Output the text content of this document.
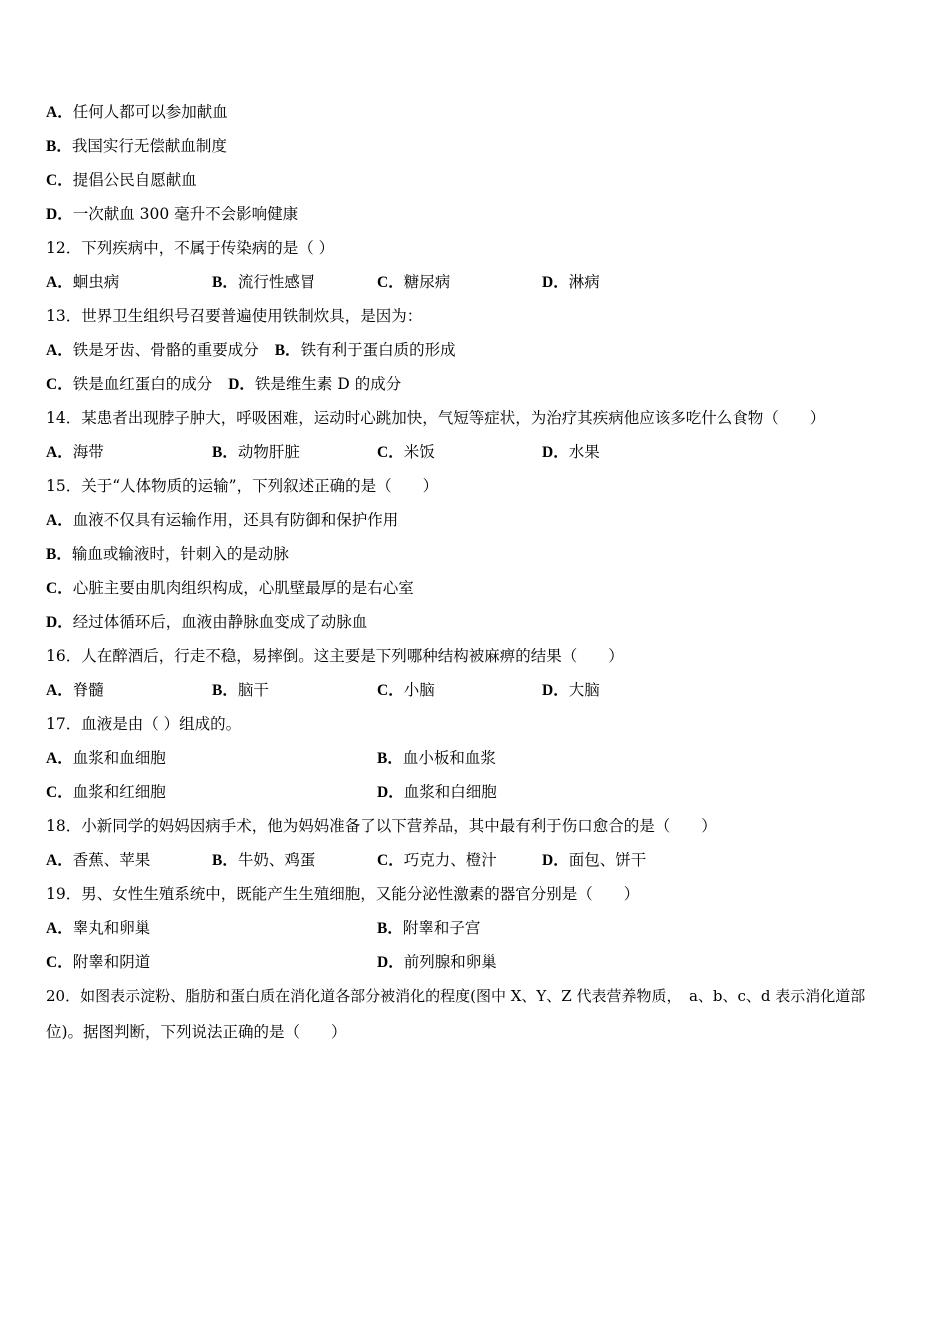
A．任何人都可以参加献血
B．我国实行无偿献血制度
C．提倡公民自愿献血
D．一次献血 300 毫升不会影响健康
12．下列疾病中，不属于传染病的是（ ）
A．蛔虫病	B．流行性感冒	C．糖尿病	D．淋病
13．世界卫生组织号召要普遍使用铁制炊具，是因为：
A．铁是牙齿、骨骼的重要成分 B．铁有利于蛋白质的形成
C．铁是血红蛋白的成分 D．铁是维生素 D 的成分
14．某患者出现脖子肿大，呼吸困难，运动时心跳加快，气短等症状，为治疗其疾病他应该多吃什么食物（　　）
A．海带	B．动物肝脏	C．米饭	D．水果
15．关于“人体物质的运输”，下列叙述正确的是（　　）
A．血液不仅具有运输作用，还具有防御和保护作用
B．输血或输液时，针刺入的是动脉
C．心脏主要由肌肉组织构成，心肌壁最厚的是右心室
D．经过体循环后，血液由静脉血变成了动脉血
16．人在醉酒后，行走不稳，易摔倒。这主要是下列哪种结构被麻痹的结果（　　）
A．脊髓	B．脑干	C．小脑	D．大脑
17．血液是由（ ）组成的。
A．血浆和血细胞	B．血小板和血浆
C．血浆和红细胞	D．血浆和白细胞
18．小新同学的妈妈因病手术，他为妈妈准备了以下营养品，其中最有利于伤口愈合的是（　　）
A．香蕉、苹果	B．牛奶、鸡蛋	C．巧克力、橙汁	D．面包、饼干
19．男、女性生殖系统中，既能产生生殖细胞，又能分泌性激素的器官分别是（　　）
A．睾丸和卵巢	B．附睾和子宫
C．附睾和阴道	D．前列腺和卵巢
20．如图表示淀粉、脂肪和蛋白质在消化道各部分被消化的程度(图中 X、Y、Z 代表营养物质，　a、b、c、d 表示消化道部
位)。据图判断，下列说法正确的是（　　）
